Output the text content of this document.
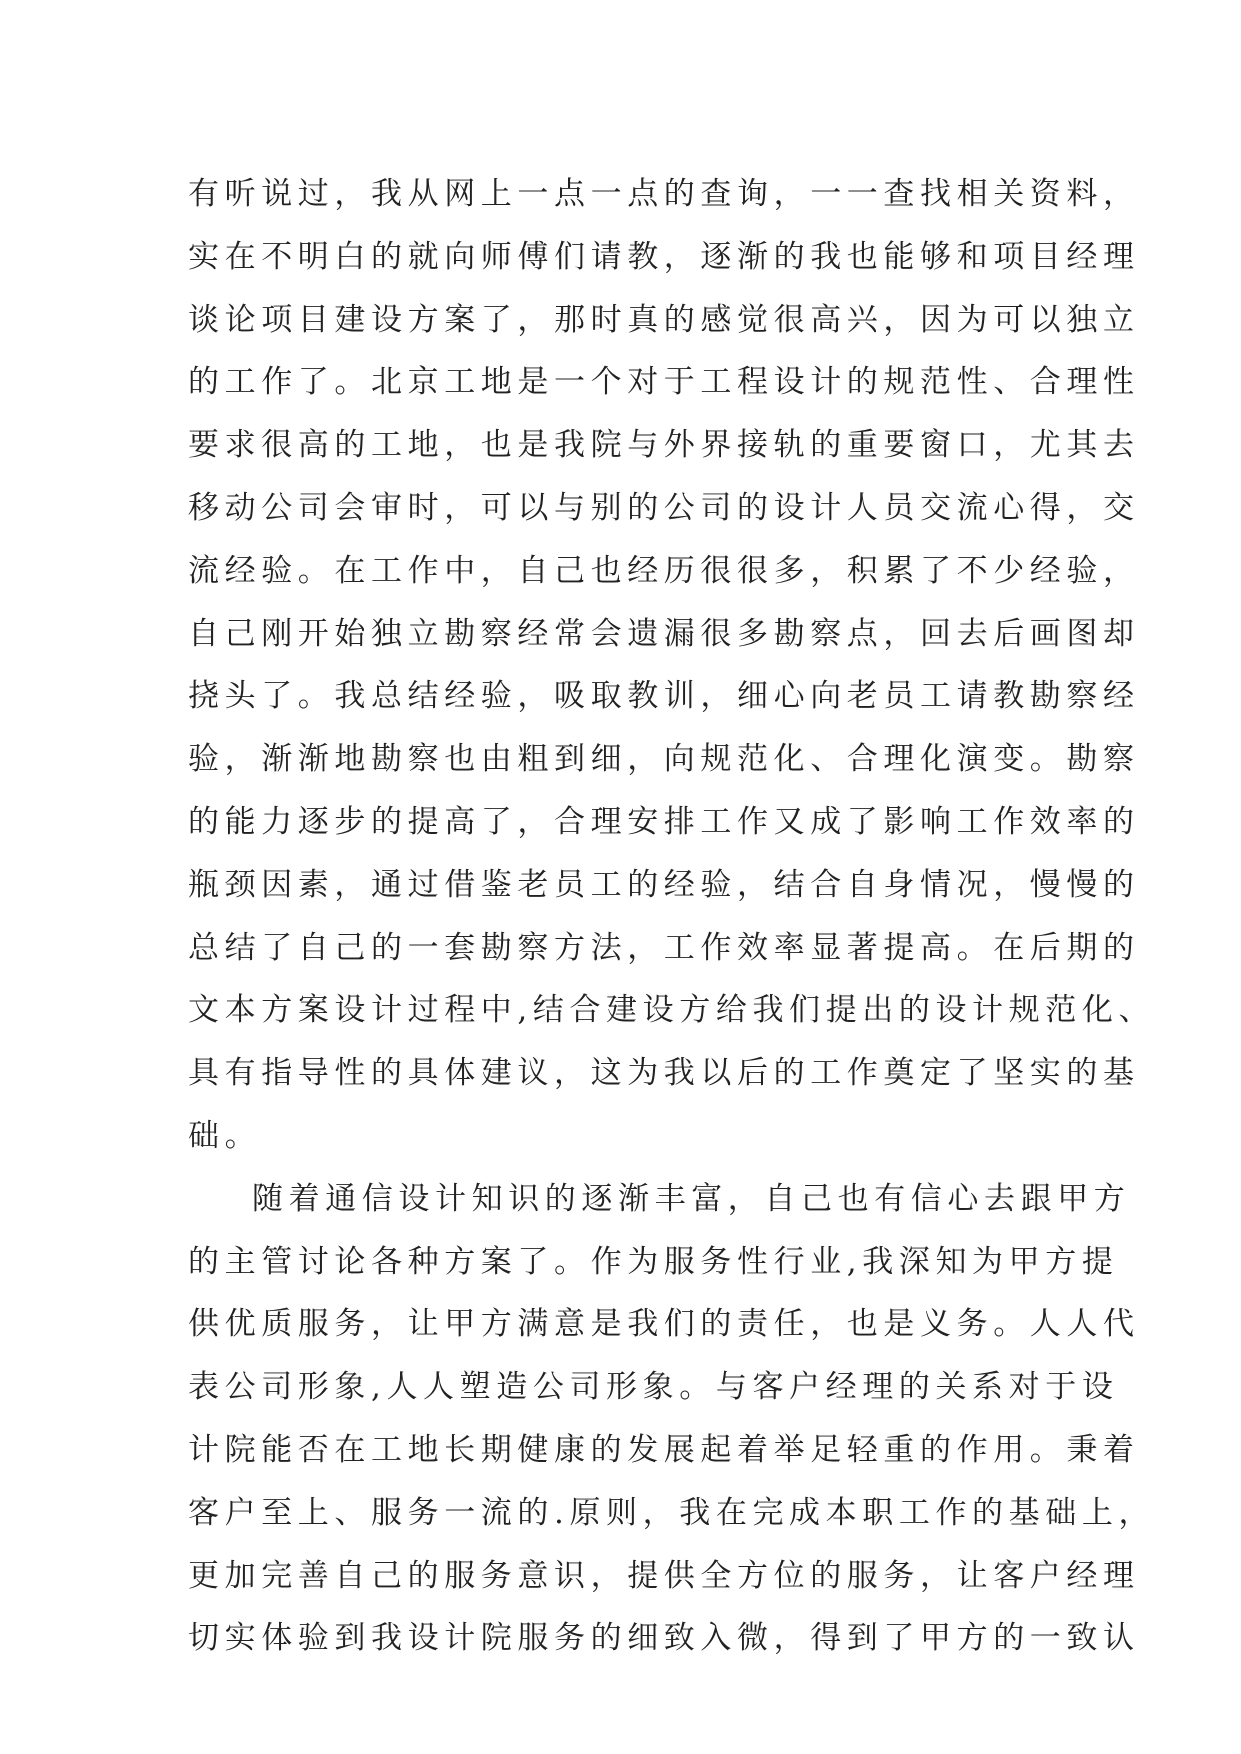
有听说过，我从网上一点一点的查询，一一查找相关资料，
实在不明白的就向师傅们请教，逐渐的我也能够和项目经理
谈论项目建设方案了，那时真的感觉很高兴，因为可以独立
的工作了。北京工地是一个对于工程设计的规范性、合理性
要求很高的工地，也是我院与外界接轨的重要窗口，尤其去
移动公司会审时，可以与别的公司的设计人员交流心得，交
流经验。在工作中，自己也经历很很多，积累了不少经验，
自己刚开始独立勘察经常会遗漏很多勘察点，回去后画图却
挠头了。我总结经验，吸取教训，细心向老员工请教勘察经
验，渐渐地勘察也由粗到细，向规范化、合理化演变。勘察
的能力逐步的提高了，合理安排工作又成了影响工作效率的
瓶颈因素，通过借鉴老员工的经验，结合自身情况，慢慢的
总结了自己的一套勘察方法，工作效率显著提高。在后期的
文本方案设计过程中,结合建设方给我们提出的设计规范化、
具有指导性的具体建议，这为我以后的工作奠定了坚实的基
础。
随着通信设计知识的逐渐丰富，自己也有信心去跟甲方
的主管讨论各种方案了。作为服务性行业,我深知为甲方提
供优质服务，让甲方满意是我们的责任，也是义务。人人代
表公司形象,人人塑造公司形象。与客户经理的关系对于设
计院能否在工地长期健康的发展起着举足轻重的作用。秉着
客户至上、服务一流的.原则，我在完成本职工作的基础上，
更加完善自己的服务意识，提供全方位的服务，让客户经理
切实体验到我设计院服务的细致入微，得到了甲方的一致认
